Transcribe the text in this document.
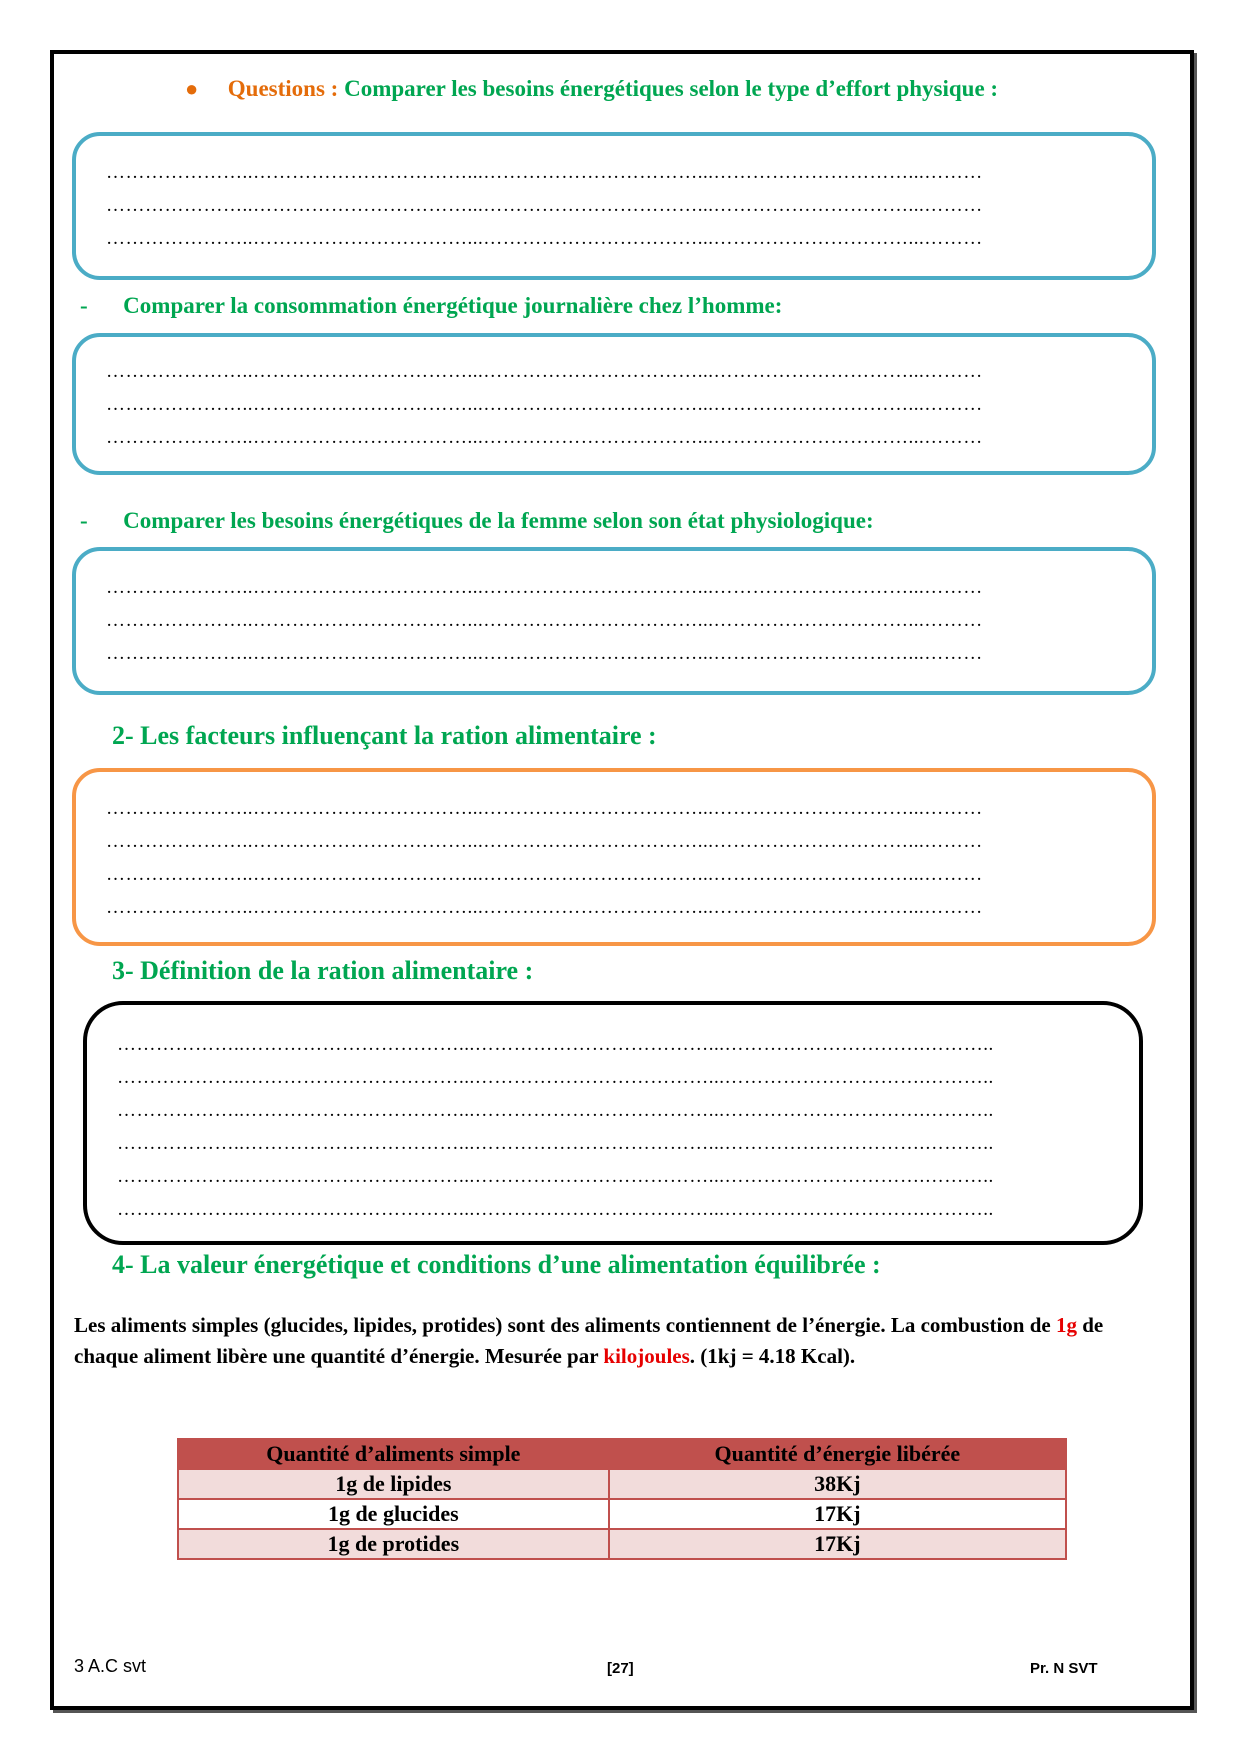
● Questions : Comparer les besoins énergétiques selon le type d’effort physique :
…………………..……………………………...……………………………...…………………………...………
…………………..……………………………...……………………………...…………………………...………
…………………..……………………………...……………………………...…………………………...………
- Comparer la consommation énergétique journalière chez l’homme:
…………………..……………………………...……………………………...…………………………...………
…………………..……………………………...……………………………...…………………………...………
…………………..……………………………...……………………………...…………………………...………
- Comparer les besoins énergétiques de la femme selon son état physiologique:
…………………..……………………………...……………………………...…………………………...………
…………………..……………………………...……………………………...…………………………...………
…………………..……………………………...……………………………...…………………………...………
2- Les facteurs influençant la ration alimentaire :
…………………..……………………………...……………………………...…………………………...………
…………………..……………………………...……………………………...…………………………...………
…………………..……………………………...……………………………...…………………………...………
…………………..……………………………...……………………………...…………………………...………
3- Définition de la ration alimentaire :
………………..……………………………...………………………………...………………………….………..
………………..……………………………...………………………………...………………………….………..
………………..……………………………...………………………………...………………………….………..
………………..……………………………...………………………………...………………………….………..
………………..……………………………...………………………………...………………………….………..
………………..……………………………...………………………………...………………………….………..
4- La valeur énergétique et conditions d’une alimentation équilibrée :
Les aliments simples (glucides, lipides, protides) sont des aliments contiennent de l’énergie. La combustion de 1g de chaque aliment libère une quantité d’énergie. Mesurée par kilojoules. (1kj = 4.18 Kcal).
Quantité d’aliments simple	Quantité d’énergie libérée
1g de lipides	38Kj
1g de glucides	17Kj
1g de protides	17Kj
3 A.C svt	[27]	Pr. N SVT
